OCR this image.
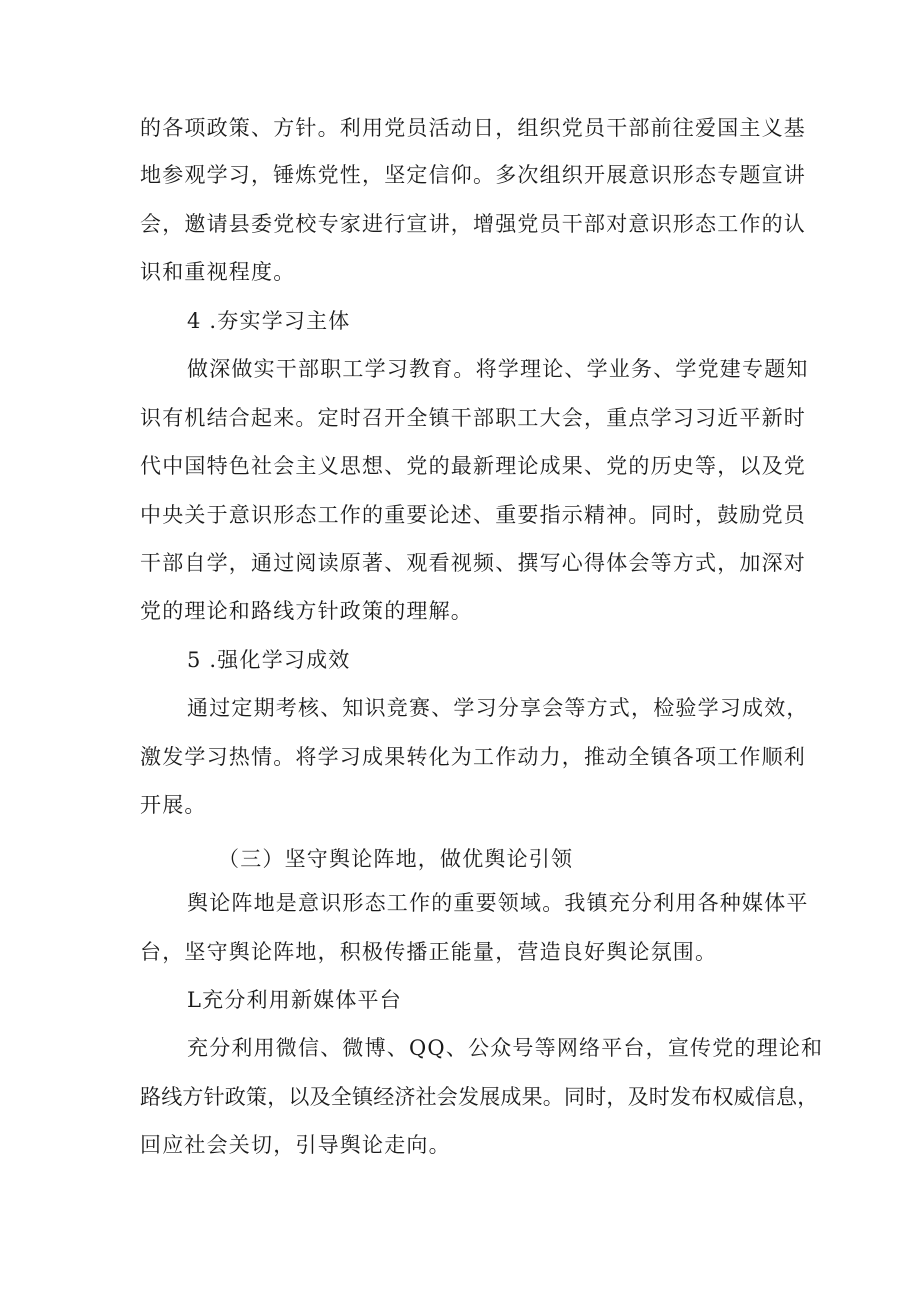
的各项政策、方针。利用党员活动日，组织党员干部前往爱国主义基
地参观学习，锤炼党性，坚定信仰。多次组织开展意识形态专题宣讲
会，邀请县委党校专家进行宣讲，增强党员干部对意识形态工作的认
识和重视程度。
4 .夯实学习主体
做深做实干部职工学习教育。将学理论、学业务、学党建专题知
识有机结合起来。定时召开全镇干部职工大会，重点学习习近平新时
代中国特色社会主义思想、党的最新理论成果、党的历史等，以及党
中央关于意识形态工作的重要论述、重要指示精神。同时，鼓励党员
干部自学，通过阅读原著、观看视频、撰写心得体会等方式，加深对
党的理论和路线方针政策的理解。
5 .强化学习成效
通过定期考核、知识竞赛、学习分享会等方式，检验学习成效，
激发学习热情。将学习成果转化为工作动力，推动全镇各项工作顺利
开展。
（三）坚守舆论阵地，做优舆论引领
舆论阵地是意识形态工作的重要领域。我镇充分利用各种媒体平
台，坚守舆论阵地，积极传播正能量，营造良好舆论氛围。
L充分利用新媒体平台
充分利用微信、微博、QQ、公众号等网络平台，宣传党的理论和
路线方针政策，以及全镇经济社会发展成果。同时，及时发布权威信息，
回应社会关切，引导舆论走向。
